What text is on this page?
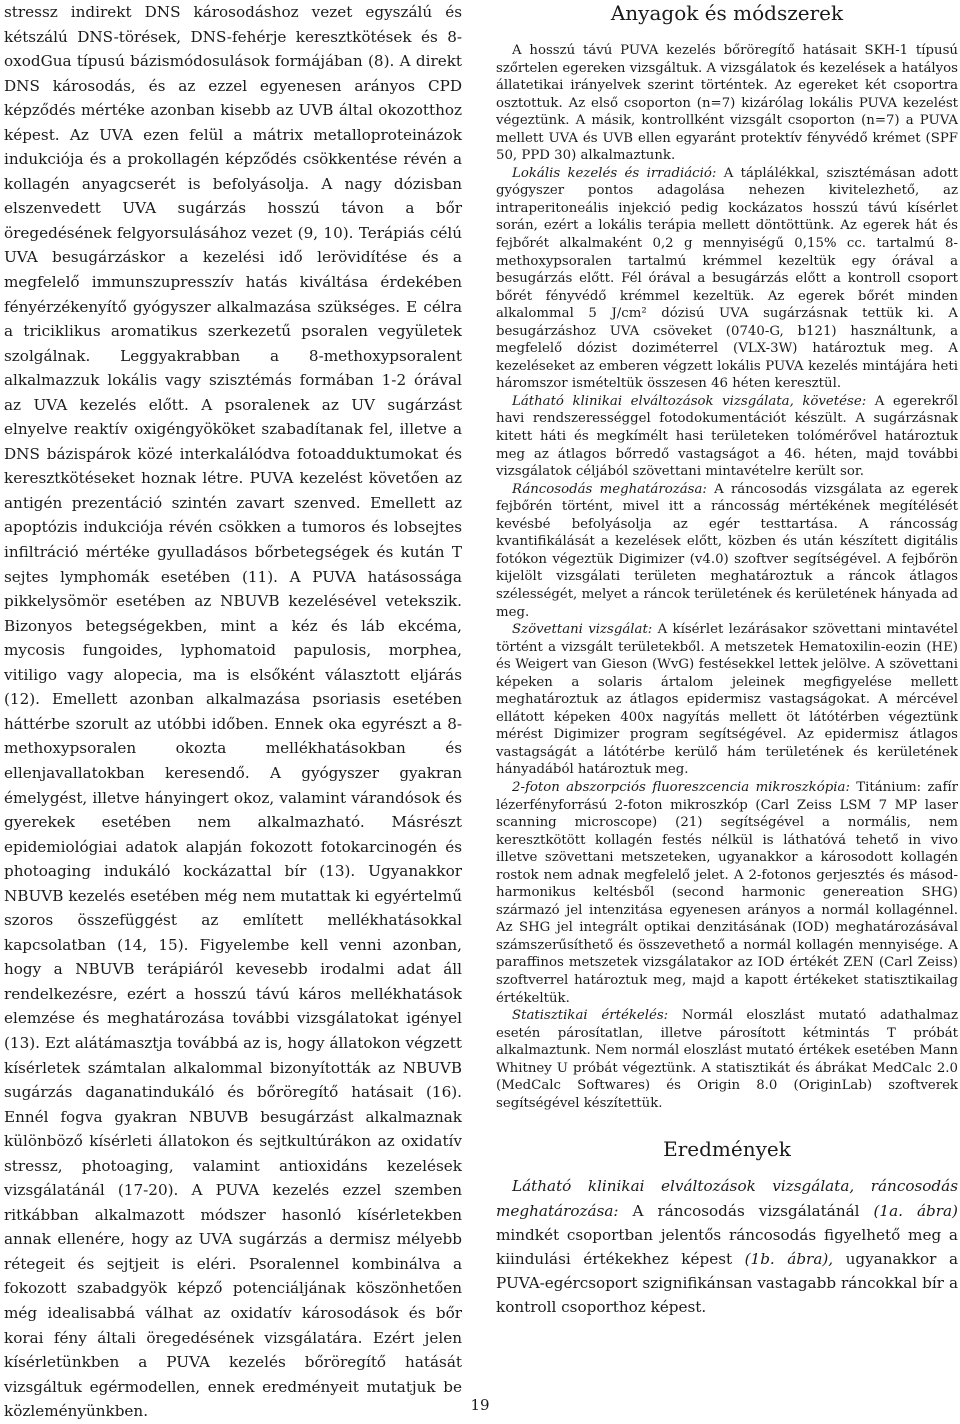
stressz indirekt DNS károsodáshoz vezet egyszálú és kétszálú DNS-törések, DNS-fehérje keresztkötések és 8-oxodGua típusú bázismódosulások formájában (8). A direkt DNS károsodás, és az ezzel egyenesen arányos CPD képződés mértéke azonban kisebb az UVB által okozotthoz képest. Az UVA ezen felül a mátrix metalloproteinázok indukciója és a prokollagén képződés csökkentése révén a kollagén anyagcserét is befolyásolja. A nagy dózisban elszenvedett UVA sugárzás hosszú távon a bőr öregedésének felgyorsulásához vezet (9, 10). Terápiás célú UVA besugárzáskor a kezelési idő lerövidítése és a megfelelő immunszupresszív hatás kiváltása érdekében fényérzékenyítő gyógyszer alkalmazása szükséges. E célra a triciklikus aromatikus szerkezetű psoralen vegyületek szolgálnak. Leggyakrabban a 8-methoxypsoralent alkalmazzuk lokális vagy szisztémás formában 1-2 órával az UVA kezelés előtt. A psoralenek az UV sugárzást elnyelve reaktív oxigéngyököket szabadítanak fel, illetve a DNS bázispárok közé interkalálódva fotoadduktumokat és keresztkötéseket hoznak létre. PUVA kezelést követően az antigén prezentáció szintén zavart szenved. Emellett az apoptózis indukciója révén csökken a tumoros és lobsejtes infiltráció mértéke gyulladásos bőrbetegségek és kután T sejtes lymphomák esetében (11). A PUVA hatásossága pikkelysömör esetében az NBUVB kezelésével vetekszik. Bizonyos betegségekben, mint a kéz és láb ekcéma, mycosis fungoides, lyphomatoid papulosis, morphea, vitiligo vagy alopecia, ma is elsőként választott eljárás (12). Emellett azonban alkalmazása psoriasis esetében háttérbe szorult az utóbbi időben. Ennek oka egyrészt a 8-methoxypsoralen okozta mellékhatásokban és ellenjavallatokban keresendő. A gyógyszer gyakran émelygést, illetve hányingert okoz, valamint várandósok és gyerekek esetében nem alkalmazható. Másrészt epidemiológiai adatok alapján fokozott fotokarcinogén és photoaging indukáló kockázattal bír (13). Ugyanakkor NBUVB kezelés esetében még nem mutattak ki egyértelmű szoros összefüggést az említett mellékhatásokkal kapcsolatban (14, 15). Figyelembe kell venni azonban, hogy a NBUVB terápiáról kevesebb irodalmi adat áll rendelkezésre, ezért a hosszú távú káros mellékhatások elemzése és meghatározása további vizsgálatokat igényel (13). Ezt alátámasztja továbbá az is, hogy állatokon végzett kísérletek számtalan alkalommal bizonyították az NBUVB sugárzás daganatindukáló és bőröregítő hatásait (16). Ennél fogva gyakran NBUVB besugárzást alkalmaznak különböző kísérleti állatokon és sejtkultúrákon az oxidatív stressz, photoaging, valamint antioxidáns kezelések vizsgálatánál (17-20). A PUVA kezelés ezzel szemben ritkábban alkalmazott módszer hasonló kísérletekben annak ellenére, hogy az UVA sugárzás a dermisz mélyebb rétegeit és sejtjeit is eléri. Psoralennel kombinálva a fokozott szabadgyök képző potenciáljának köszönhetően még idealisabbá válhat az oxidatív károsodások és bőr korai fény általi öregedésének vizsgálatára. Ezért jelen kísérletünkben a PUVA kezelés bőröregítő hatását vizsgáltuk egérmodellen, ennek eredményeit mutatjuk be közleményünkben.

Anyagok és módszerek

A hosszú távú PUVA kezelés bőröregítő hatásait SKH-1 típusú szőrtelen egereken vizsgáltuk. A vizsgálatok és kezelések a hatályos állatetikai irányelvek szerint történtek. Az egereket két csoportra osztottuk. Az első csoporton (n=7) kizárólag lokális PUVA kezelést végeztünk. A másik, kontrollként vizsgált csoporton (n=7) a PUVA mellett UVA és UVB ellen egyaránt protektív fényvédő krémet (SPF 50, PPD 30) alkalmaztunk.

Lokális kezelés és irradiáció: A táplálékkal, szisztémásan adott gyógyszer pontos adagolása nehezen kivitelezhető, az intraperitoneális injekció pedig kockázatos hosszú távú kísérlet során, ezért a lokális terápia mellett döntöttünk. Az egerek hát és fejbőrét alkalmaként 0,2 g mennyiségű 0,15% cc. tartalmú 8-methoxypsoralen tartalmú krémmel kezeltük egy órával a besugárzás előtt. Fél órával a besugárzás előtt a kontroll csoport bőrét fényvédő krémmel kezeltük. Az egerek bőrét minden alkalommal 5 J/cm² dózisú UVA sugárzásnak tettük ki. A besugárzáshoz UVA csöveket (0740-G, b121) használtunk, a megfelelő dózist doziméterrel (VLX-3W) határoztuk meg. A kezeléseket az emberen végzett lokális PUVA kezelés mintájára heti háromszor ismételtük összesen 46 héten keresztül.

Látható klinikai elváltozások vizsgálata, követése: A egerekről havi rendszerességgel fotodokumentációt készült. A sugárzásnak kitett háti és megkímélt hasi területeken tolómérővel határoztuk meg az átlagos bőrredő vastagságot a 46. héten, majd további vizsgálatok céljából szövettani mintavételre került sor.

Ráncosodás meghatározása: A ráncosodás vizsgálata az egerek fejbőrén történt, mivel itt a ráncosság mértékének megítélését kevésbé befolyásolja az egér testtartása. A ráncosság kvantifikálását a kezelések előtt, közben és után készített digitális fotókon végeztük Digimizer (v4.0) szoftver segítségével. A fejbőrön kijelölt vizsgálati területen meghatároztuk a ráncok átlagos szélességét, melyet a ráncok területének és kerületének hányada ad meg.

Szövettani vizsgálat: A kísérlet lezárásakor szövettani mintavétel történt a vizsgált területekből. A metszetek Hematoxilin-eozin (HE) és Weigert van Gieson (WvG) festésekkel lettek jelölve. A szövettani képeken a solaris ártalom jeleinek megfigyelése mellett meghatároztuk az átlagos epidermisz vastagságokat. A mércével ellátott képeken 400x nagyítás mellett öt látótérben végeztünk mérést Digimizer program segítségével. Az epidermisz átlagos vastagságát a látótérbe kerülő hám területének és kerületének hányadából határoztuk meg.

2-foton abszorpciós fluoreszcencia mikroszkópia: Titánium: zafír lézerfényforrású 2-foton mikroszkóp (Carl Zeiss LSM 7 MP laser scanning microscope) (21) segítségével a normális, nem keresztkötött kollagén festés nélkül is láthatóvá tehető in vivo illetve szövettani metszeteken, ugyanakkor a károsodott kollagén rostok nem adnak megfelelő jelet. A 2-fotonos gerjesztés és másod-harmonikus keltésből (second harmonic genereation SHG) származó jel intenzitása egyenesen arányos a normál kollagénnel. Az SHG jel integrált optikai denzitásának (IOD) meghatározásával számszerűsíthető és összevethető a normál kollagén mennyisége. A paraffinos metszetek vizsgálatakor az IOD értékét ZEN (Carl Zeiss) szoftverrel határoztuk meg, majd a kapott értékeket statisztikailag értékeltük.

Statisztikai értékelés: Normál eloszlást mutató adathalmaz esetén párosítatlan, illetve párosított kétmintás T próbát alkalmaztunk. Nem normál eloszlást mutató értékek esetében Mann Whitney U próbát végeztünk. A statisztikát és ábrákat MedCalc 2.0 (MedCalc Softwares) és Origin 8.0 (OriginLab) szoftverek segítségével készítettük.

Eredmények

Látható klinikai elváltozások vizsgálata, ráncosodás meghatározása: A ráncosodás vizsgálatánál (1a. ábra) mindkét csoportban jelentős ráncosodás figyelhető meg a kiindulási értékekhez képest (1b. ábra), ugyanakkor a PUVA-egércsoport szignifikánsan vastagabb ráncokkal bír a kontroll csoporthoz képest.

19
